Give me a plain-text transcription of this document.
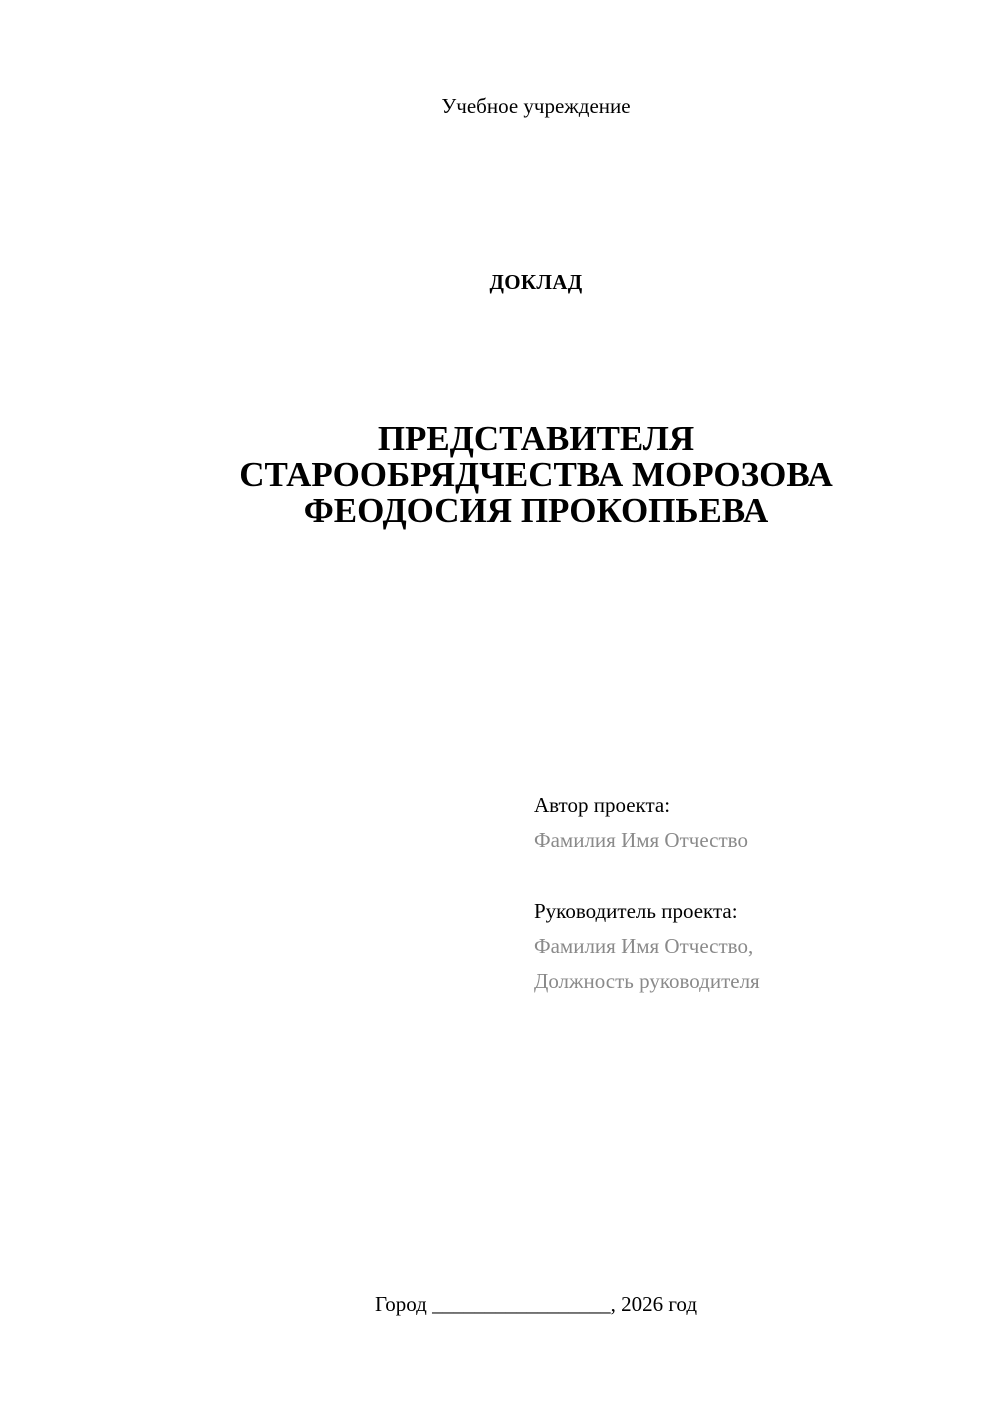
Учебное учреждение
ДОКЛАД
ПРЕДСТАВИТЕЛЯ
СТАРООБРЯДЧЕСТВА МОРОЗОВА
ФЕОДОСИЯ ПРОКОПЬЕВА
Автор проекта:
Фамилия Имя Отчество
Руководитель проекта:
Фамилия Имя Отчество,
Должность руководителя
Город _________________, 2026 год
